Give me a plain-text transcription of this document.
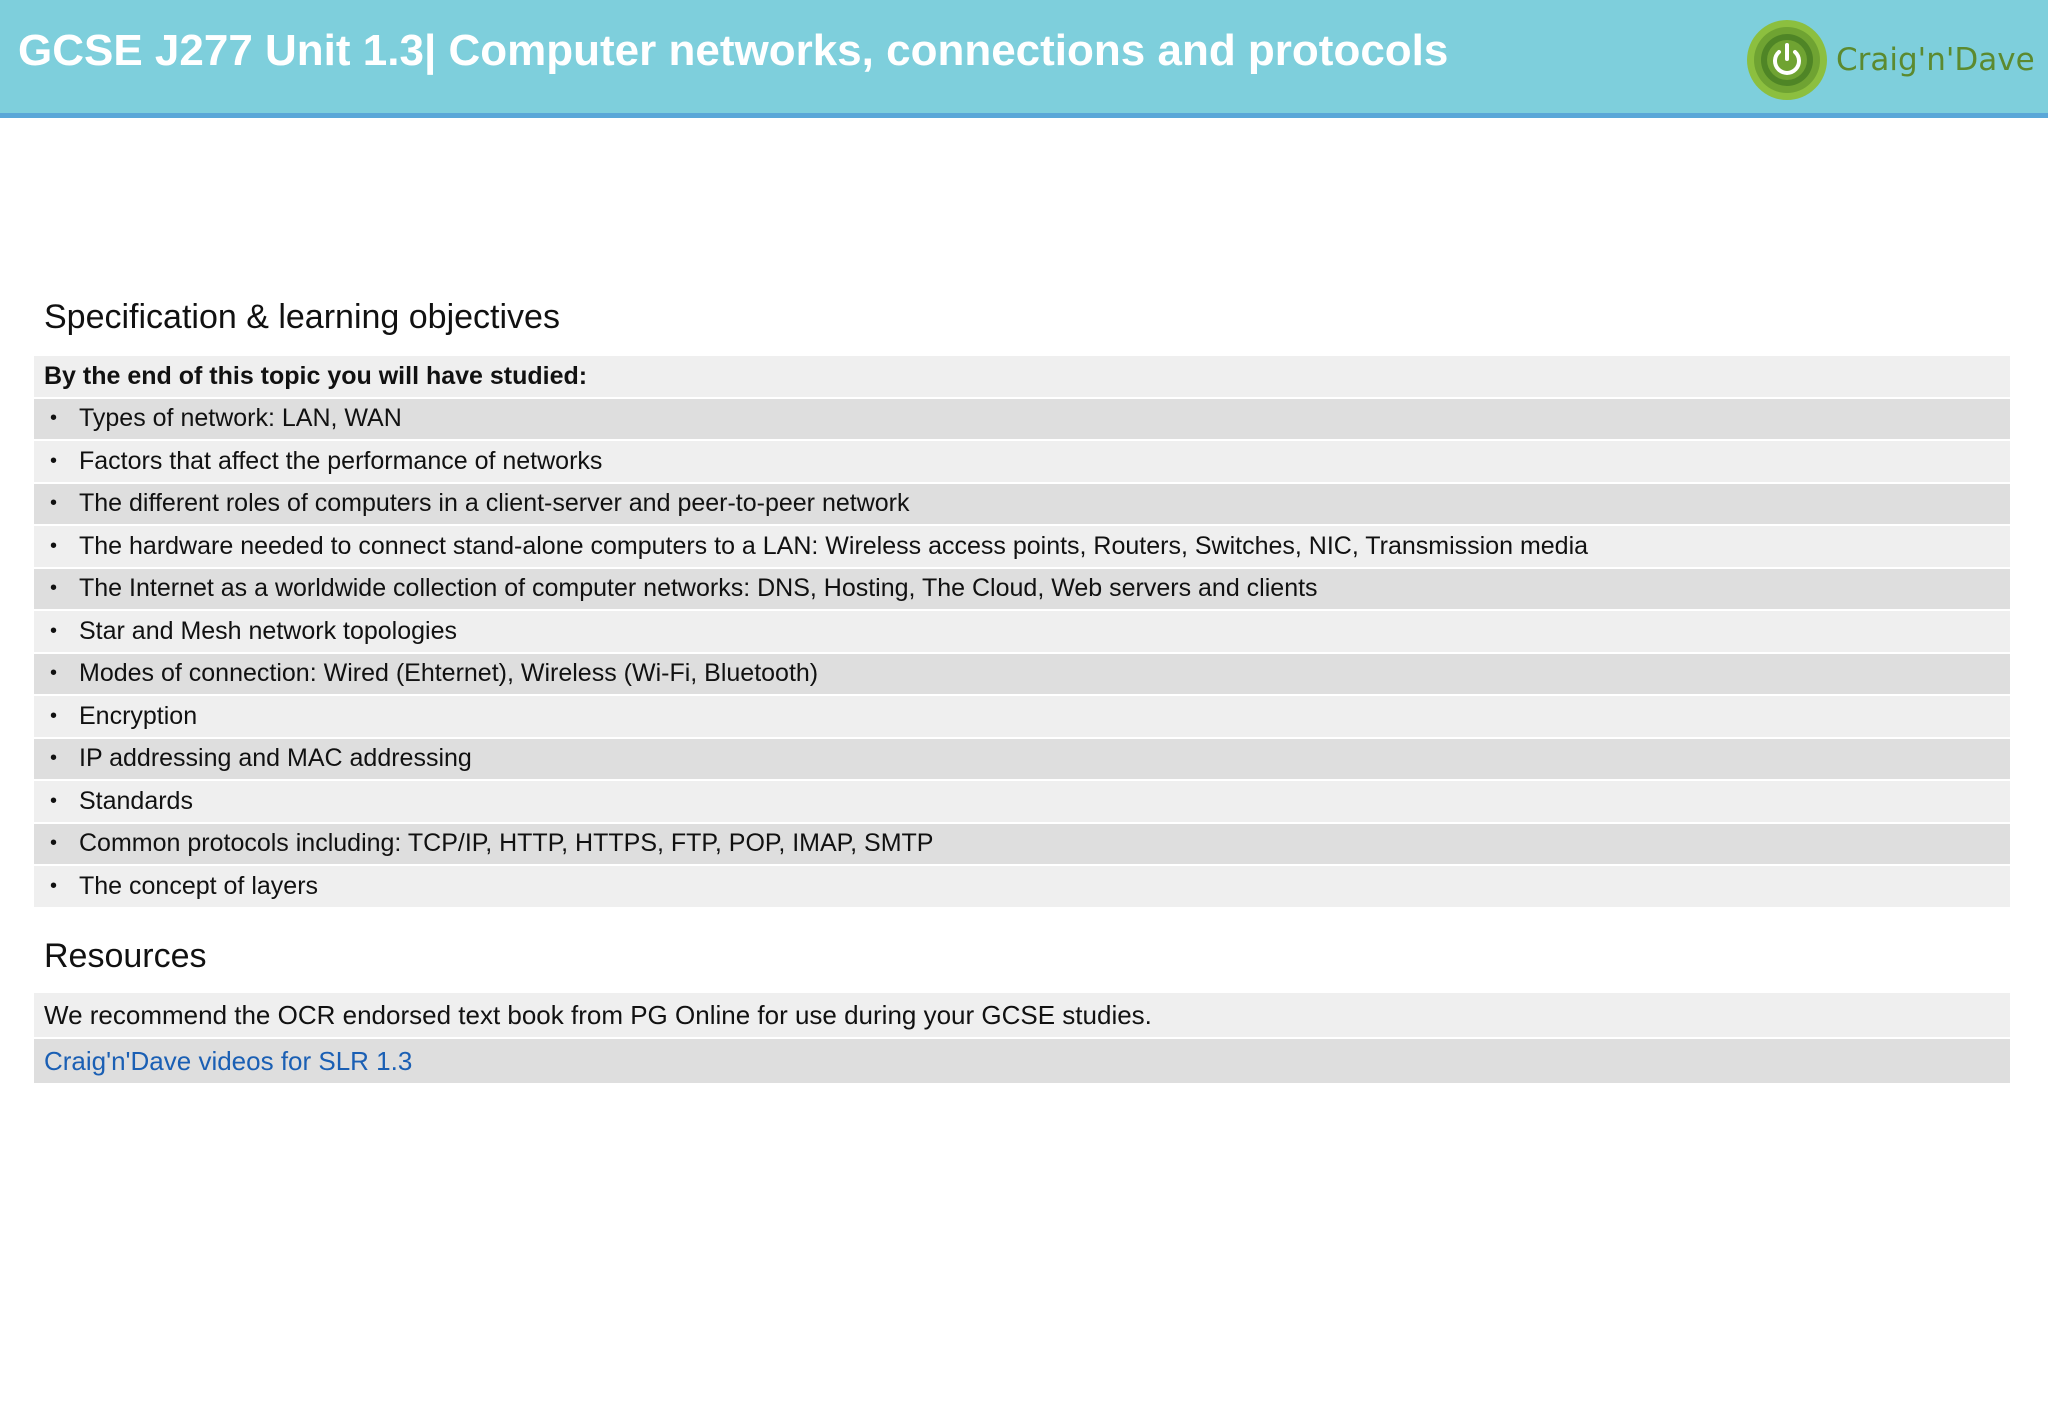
GCSE J277 Unit 1.3| Computer networks, connections and protocols	Craig'n'Dave
Specification & learning objectives
By the end of this topic you will have studied:
• Types of network: LAN, WAN
• Factors that affect the performance of networks
• The different roles of computers in a client-server and peer-to-peer network
• The hardware needed to connect stand-alone computers to a LAN: Wireless access points, Routers, Switches, NIC, Transmission media
• The Internet as a worldwide collection of computer networks: DNS, Hosting, The Cloud, Web servers and clients
• Star and Mesh network topologies
• Modes of connection: Wired (Ehternet), Wireless (Wi-Fi, Bluetooth)
• Encryption
• IP addressing and MAC addressing
• Standards
• Common protocols including: TCP/IP, HTTP, HTTPS, FTP, POP, IMAP, SMTP
• The concept of layers
Resources
We recommend the OCR endorsed text book from PG Online for use during your GCSE studies.
Craig'n'Dave videos for SLR 1.3
